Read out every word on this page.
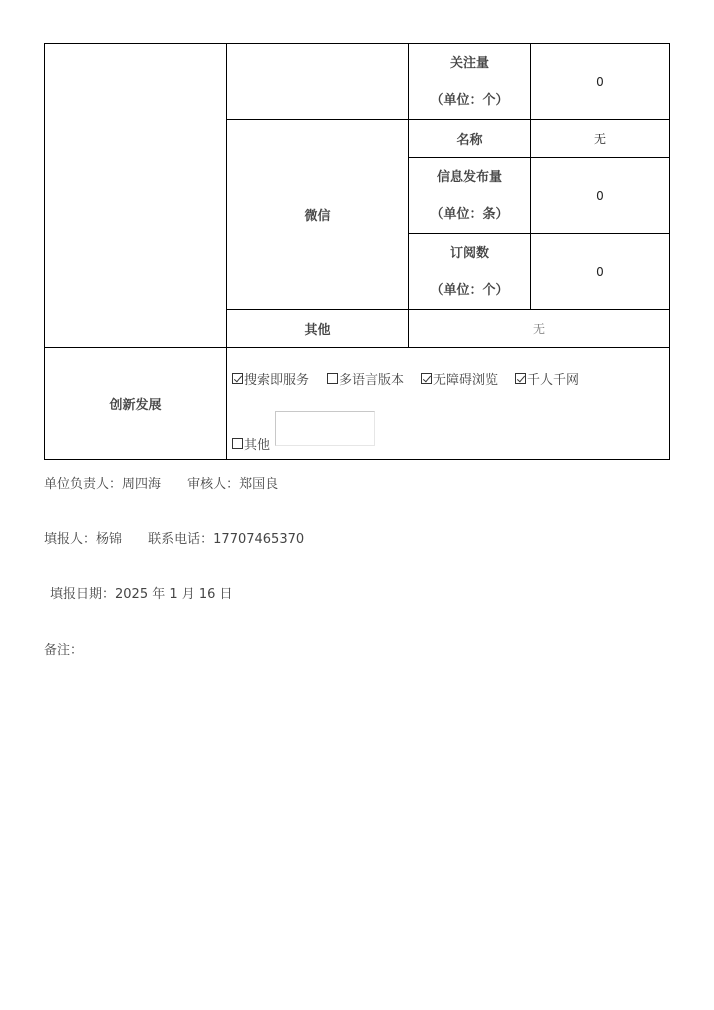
关注量
（单位：个）
0
微信
名称	无
信息发布量
（单位：条）
0
订阅数
（单位：个）
0
其他	无
创新发展
搜索即服务 多语言版本 无障碍浏览 千人千网
其他
单位负责人：周四海 审核人：郑国良
填报人：杨锦 联系电话：17707465370
填报日期：2025 年 1 月 16 日
备注：
